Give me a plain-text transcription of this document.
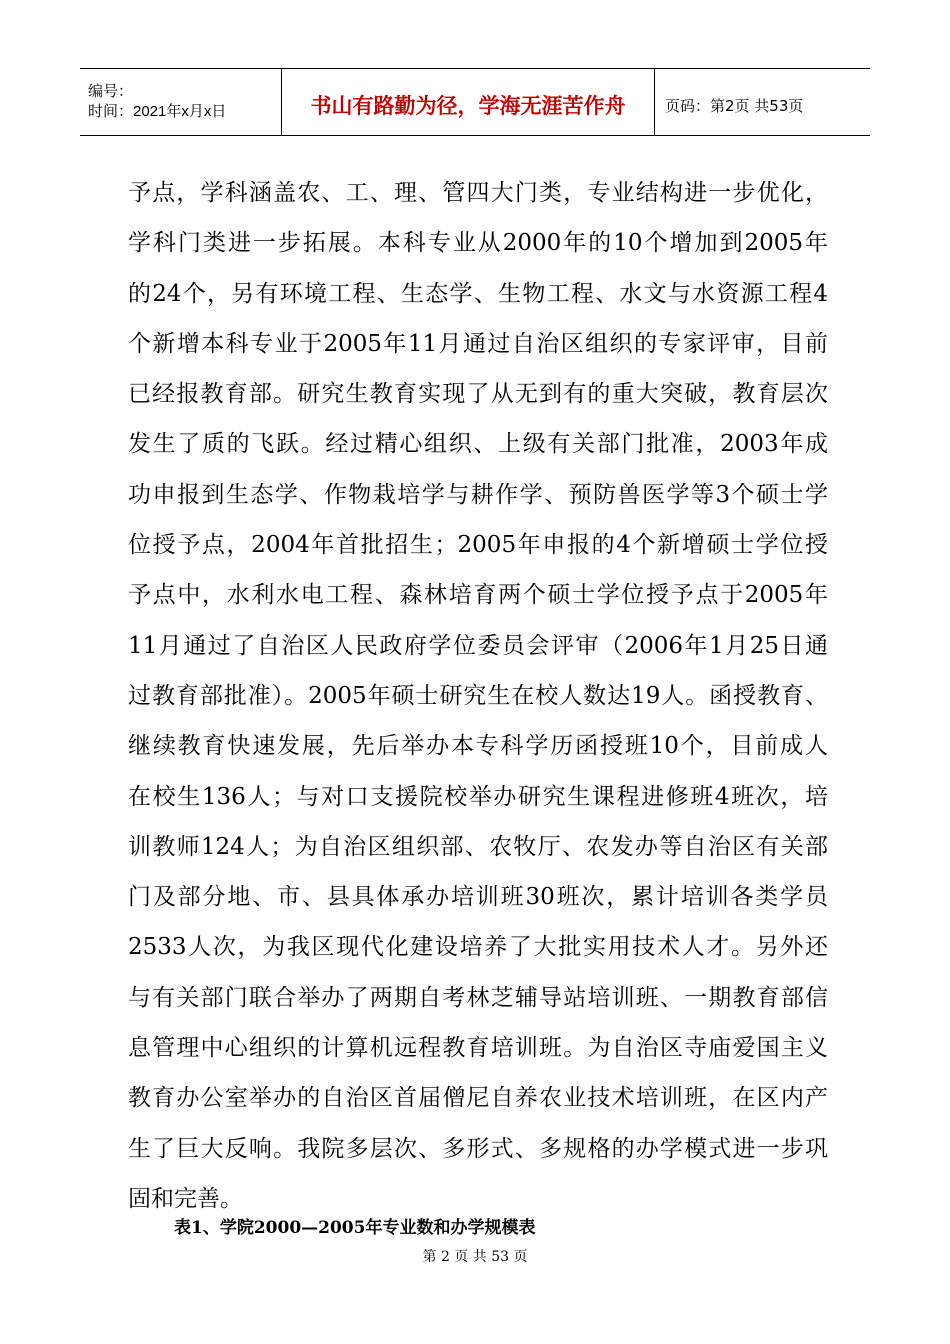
编号：
时间：2021年x月x日	书山有路勤为径，学海无涯苦作舟	页码：第2页 共53页
予点，学科涵盖农、工、理、管四大门类，专业结构进一步优化，
学科门类进一步拓展。本科专业从2000年的10个增加到2005年
的24个，另有环境工程、生态学、生物工程、水文与水资源工程4
个新增本科专业于2005年11月通过自治区组织的专家评审，目前
已经报教育部。研究生教育实现了从无到有的重大突破，教育层次
发生了质的飞跃。经过精心组织、上级有关部门批准，2003年成
功申报到生态学、作物栽培学与耕作学、预防兽医学等3个硕士学
位授予点，2004年首批招生；2005年申报的4个新增硕士学位授
予点中，水利水电工程、森林培育两个硕士学位授予点于2005年
11月通过了自治区人民政府学位委员会评审（2006年1月25日通
过教育部批准）。2005年硕士研究生在校人数达19人。函授教育、
继续教育快速发展，先后举办本专科学历函授班10个，目前成人
在校生136人；与对口支援院校举办研究生课程进修班4班次，培
训教师124人；为自治区组织部、农牧厅、农发办等自治区有关部
门及部分地、市、县具体承办培训班30班次，累计培训各类学员
2533人次，为我区现代化建设培养了大批实用技术人才。另外还
与有关部门联合举办了两期自考林芝辅导站培训班、一期教育部信
息管理中心组织的计算机远程教育培训班。为自治区寺庙爱国主义
教育办公室举办的自治区首届僧尼自养农业技术培训班，在区内产
生了巨大反响。我院多层次、多形式、多规格的办学模式进一步巩
固和完善。
表1、学院2000—2005年专业数和办学规模表
第 2 页 共 53 页
